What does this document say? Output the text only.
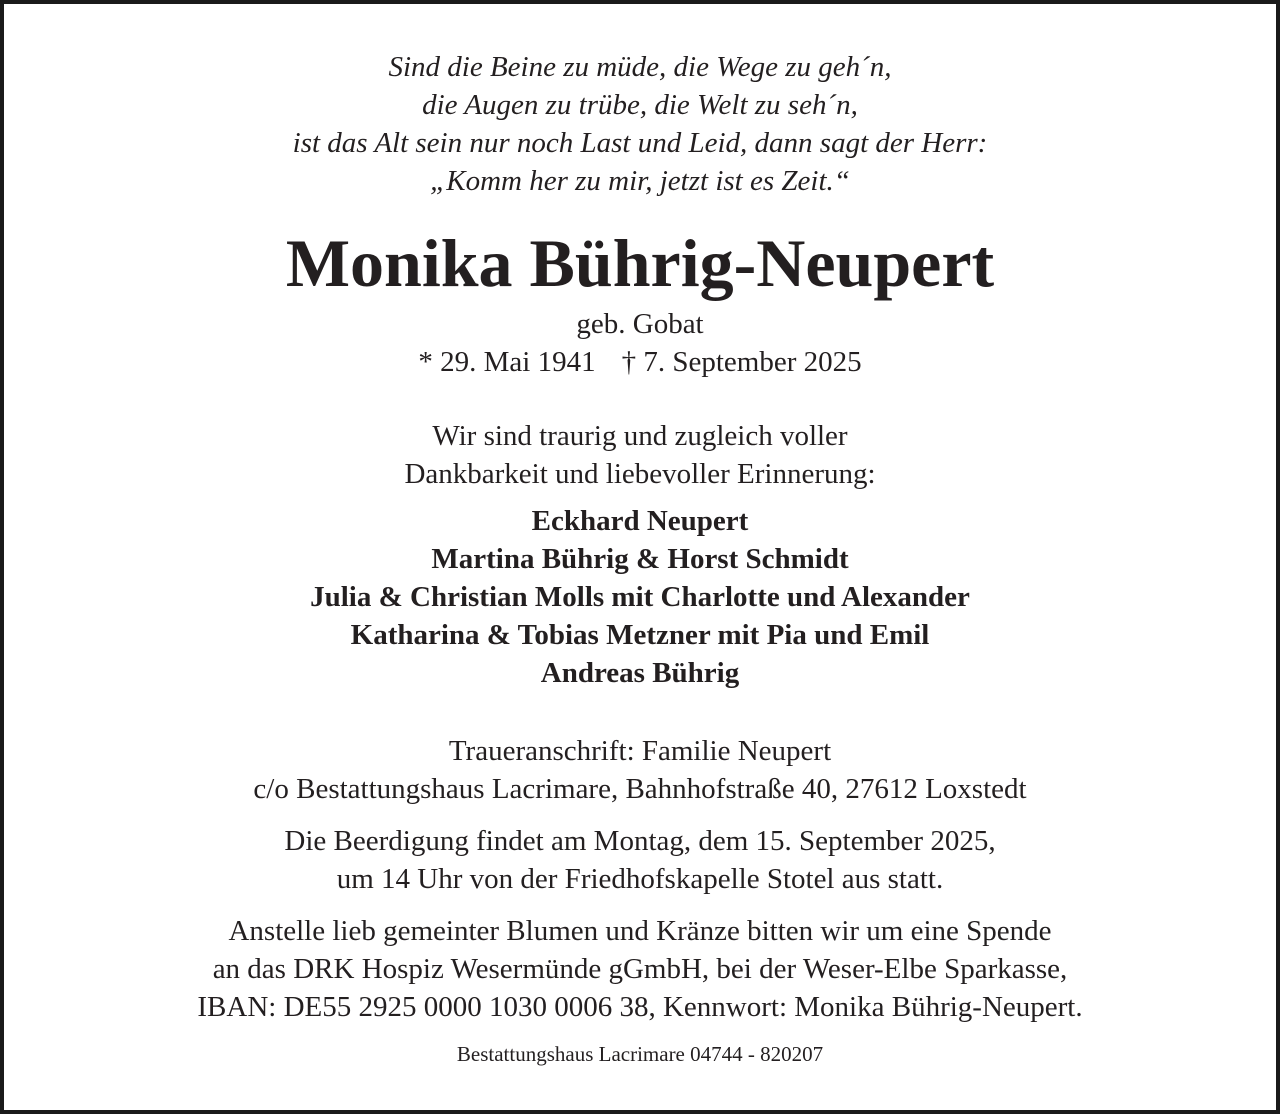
Sind die Beine zu müde, die Wege zu geh´n,
die Augen zu trübe, die Welt zu seh´n,
ist das Alt sein nur noch Last und Leid, dann sagt der Herr:
„Komm her zu mir, jetzt ist es Zeit.“
Monika Bührig-Neupert
geb. Gobat
* 29. Mai 1941 † 7. September 2025
Wir sind traurig und zugleich voller
Dankbarkeit und liebevoller Erinnerung:
Eckhard Neupert
Martina Bührig & Horst Schmidt
Julia & Christian Molls mit Charlotte und Alexander
Katharina & Tobias Metzner mit Pia und Emil
Andreas Bührig
Traueranschrift: Familie Neupert
c/o Bestattungshaus Lacrimare, Bahnhofstraße 40, 27612 Loxstedt
Die Beerdigung findet am Montag, dem 15. September 2025,
um 14 Uhr von der Friedhofskapelle Stotel aus statt.
Anstelle lieb gemeinter Blumen und Kränze bitten wir um eine Spende
an das DRK Hospiz Wesermünde gGmbH, bei der Weser-Elbe Sparkasse,
IBAN: DE55 2925 0000 1030 0006 38, Kennwort: Monika Bührig-Neupert.
Bestattungshaus Lacrimare 04744 - 820207
